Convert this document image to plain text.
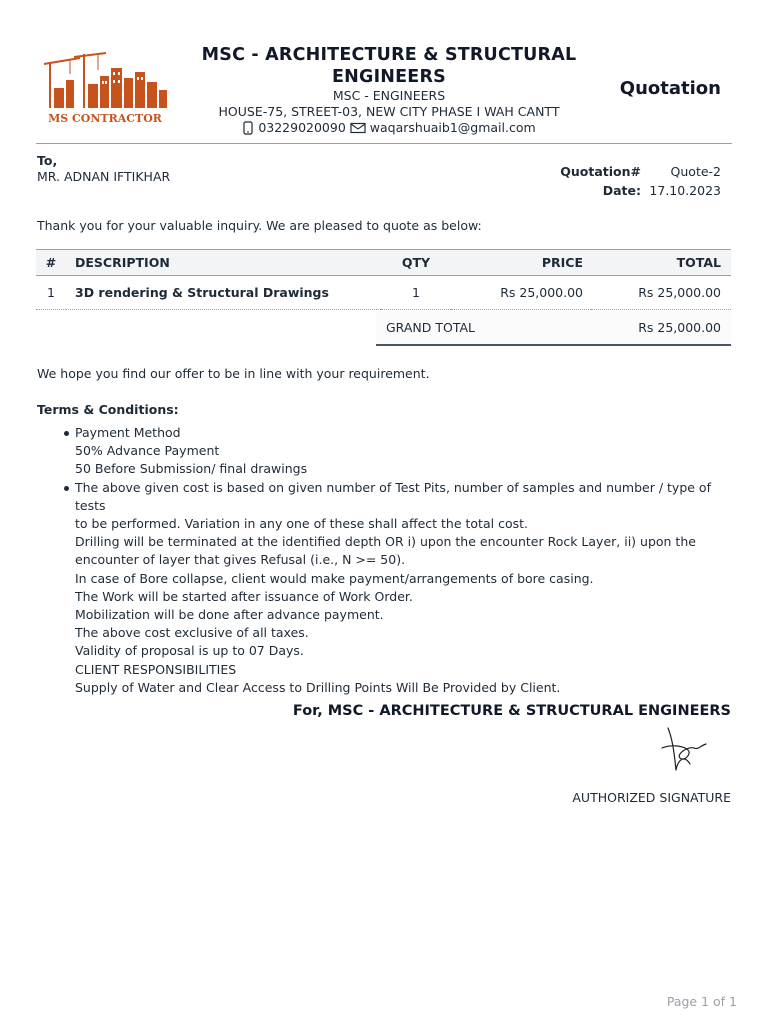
MS CONTRACTOR
MSC - ARCHITECTURE & STRUCTURAL ENGINEERS
MSC - ENGINEERS
HOUSE-75, STREET-03, NEW CITY PHASE I WAH CANTT
03229020090 waqarshuaib1@gmail.com
Quotation
To,
MR. ADNAN IFTIKHAR	Quotation#	Quote-2
Date: 17.10.2023
Thank you for your valuable inquiry. We are pleased to quote as below:
#	DESCRIPTION	QTY	PRICE	TOTAL
1	3D rendering & Structural Drawings	1	Rs 25,000.00	Rs 25,000.00
GRAND TOTAL	Rs 25,000.00
We hope you find our offer to be in line with your requirement.
Terms & Conditions:
Payment Method
50% Advance Payment
50 Before Submission/ final drawings
The above given cost is based on given number of Test Pits, number of samples and number / type of tests
to be performed. Variation in any one of these shall affect the total cost.
Drilling will be terminated at the identified depth OR i) upon the encounter Rock Layer, ii) upon the
encounter of layer that gives Refusal (i.e., N >= 50).
In case of Bore collapse, client would make payment/arrangements of bore casing.
The Work will be started after issuance of Work Order.
Mobilization will be done after advance payment.
The above cost exclusive of all taxes.
Validity of proposal is up to 07 Days.
CLIENT RESPONSIBILITIES
Supply of Water and Clear Access to Drilling Points Will Be Provided by Client.
For, MSC - ARCHITECTURE & STRUCTURAL ENGINEERS
AUTHORIZED SIGNATURE
Page 1 of 1
